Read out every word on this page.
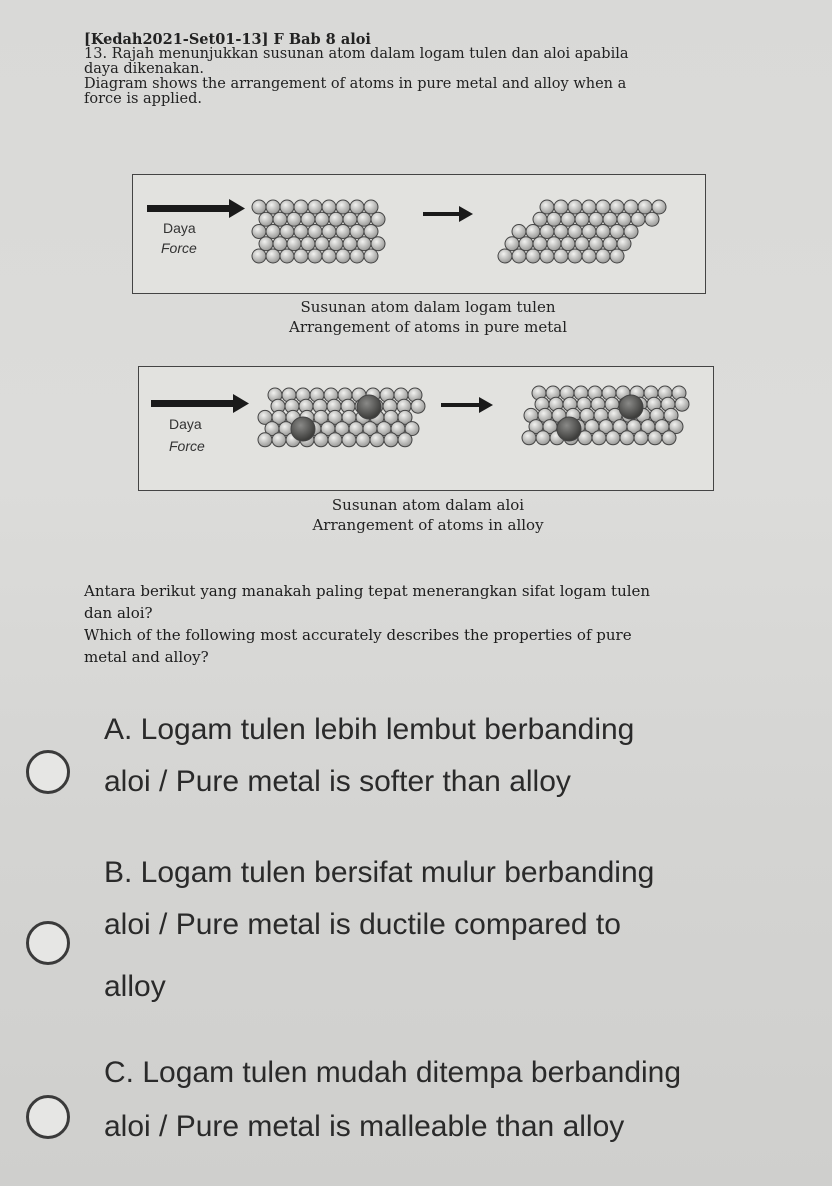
[Kedah2021-Set01-13] F Bab 8 aloi
13. Rajah menunjukkan susunan atom dalam logam tulen dan aloi apabila
daya dikenakan.
Diagram shows the arrangement of atoms in pure metal and alloy when a
force is applied.
Daya
Force
Susunan atom dalam logam tulen
Arrangement of atoms in pure metal
Daya
Force
Susunan atom dalam aloi
Arrangement of atoms in alloy
Antara berikut yang manakah paling tepat menerangkan sifat logam tulen
dan aloi?
Which of the following most accurately describes the properties of pure
metal and alloy?
A. Logam tulen lebih lembut berbanding
aloi / Pure metal is softer than alloy
B. Logam tulen bersifat mulur berbanding
aloi / Pure metal is ductile compared to
alloy
C. Logam tulen mudah ditempa berbanding
aloi / Pure metal is malleable than alloy
